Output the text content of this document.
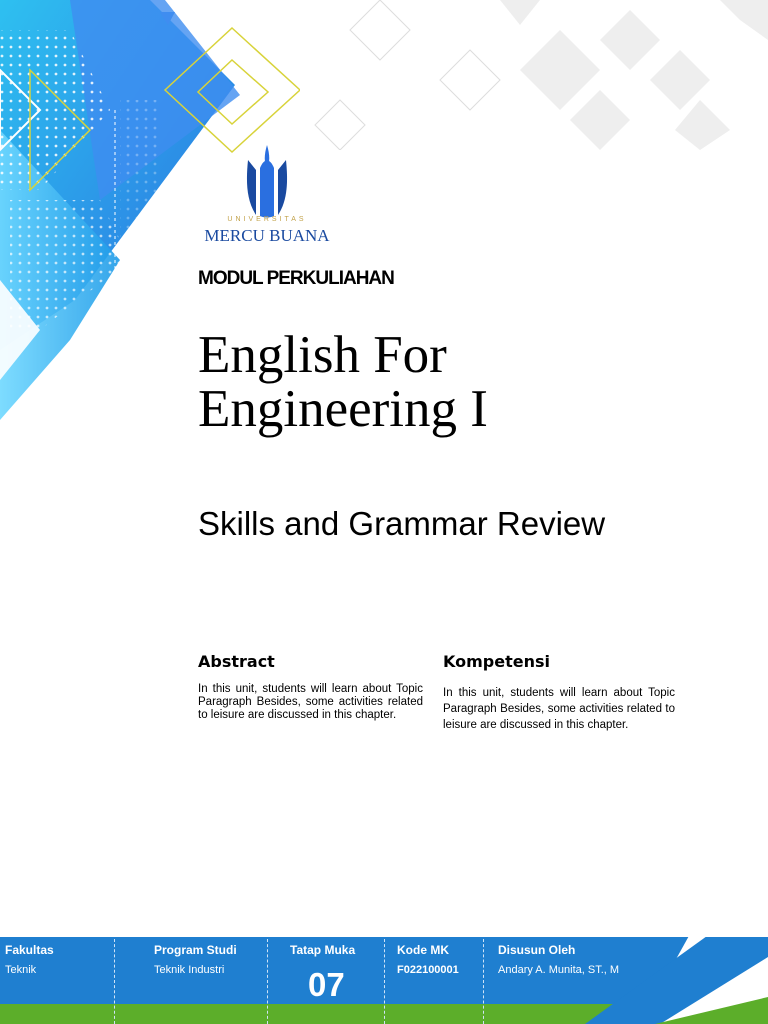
UNIVERSITAS
MERCU BUANA
MODUL PERKULIAHAN
English For
Engineering I
Skills and Grammar Review
Abstract
In this unit, students will learn about Topic Paragraph Besides, some activities related to leisure are discussed in this chapter.
Kompetensi
In this unit, students will learn about Topic Paragraph Besides, some activities related to leisure are discussed in this chapter.
Fakultas
Teknik
Program Studi
Teknik Industri
Tatap Muka
07
Kode MK
F022100001
Disusun Oleh
Andary A. Munita, ST., M
